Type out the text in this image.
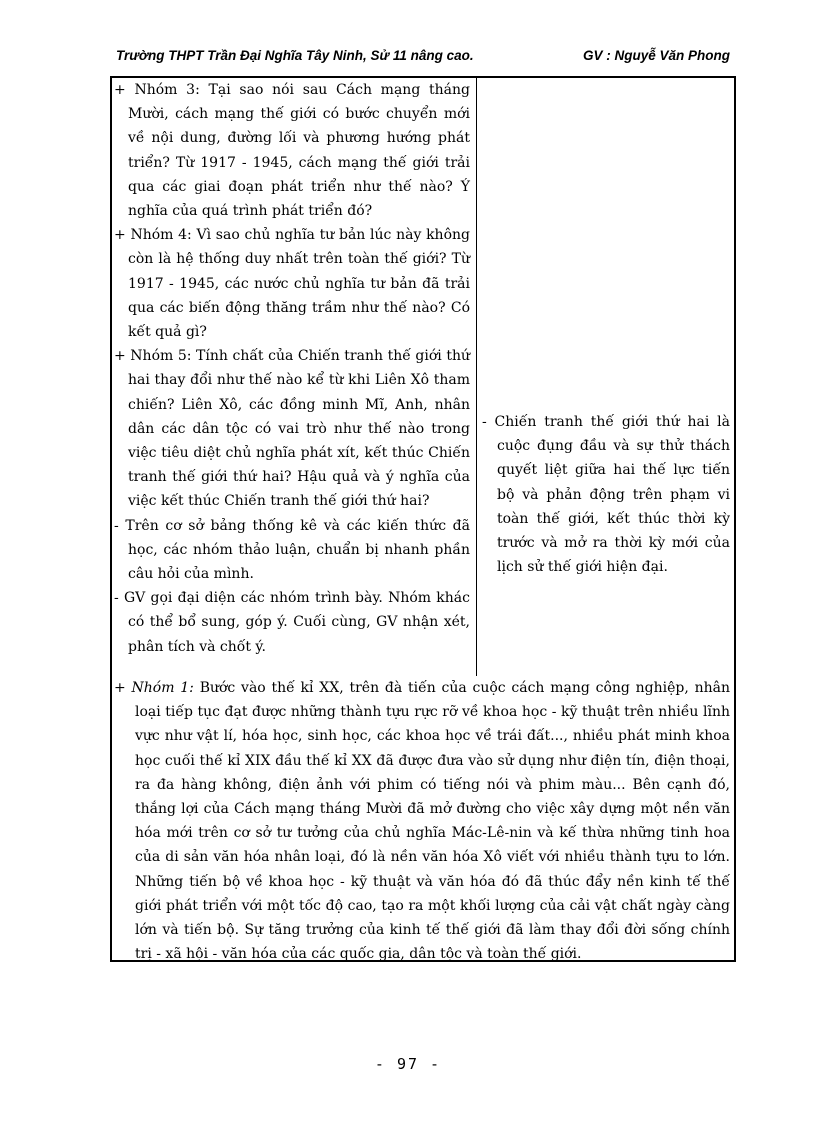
Trường THPT Trần Đại Nghĩa Tây Ninh, Sử 11 nâng cao.	GV : Nguyễ Văn Phong
+ Nhóm 3: Tại sao nói sau Cách mạng tháng Mười, cách mạng thế giới có bước chuyển mới về nội dung, đường lối và phương hướng phát triển? Từ 1917 - 1945, cách mạng thế giới trải qua các giai đoạn phát triển như thế nào? Ý nghĩa của quá trình phát triển đó?
+ Nhóm 4: Vì sao chủ nghĩa tư bản lúc này không còn là hệ thống duy nhất trên toàn thế giới? Từ 1917 - 1945, các nước chủ nghĩa tư bản đã trải qua các biến động thăng trầm như thế nào? Có kết quả gì?
+ Nhóm 5: Tính chất của Chiến tranh thế giới thứ hai thay đổi như thế nào kể từ khi Liên Xô tham chiến? Liên Xô, các đồng minh Mĩ, Anh, nhân dân các dân tộc có vai trò như thế nào trong việc tiêu diệt chủ nghĩa phát xít, kết thúc Chiến tranh thế giới thứ hai? Hậu quả và ý nghĩa của việc kết thúc Chiến tranh thế giới thứ hai?
- Trên cơ sở bảng thống kê và các kiến thức đã học, các nhóm thảo luận, chuẩn bị nhanh phần câu hỏi của mình.
- GV gọi đại diện các nhóm trình bày. Nhóm khác có thể bổ sung, góp ý. Cuối cùng, GV nhận xét, phân tích và chốt ý.
- Chiến tranh thế giới thứ hai là cuộc đụng đầu và sự thử thách quyết liệt giữa hai thế lực tiến bộ và phản động trên phạm vi toàn thế giới, kết thúc thời kỳ trước và mở ra thời kỳ mới của lịch sử thế giới hiện đại.
+ Nhóm 1: Bước vào thế kỉ XX, trên đà tiến của cuộc cách mạng công nghiệp, nhân loại tiếp tục đạt được những thành tựu rực rỡ về khoa học - kỹ thuật trên nhiều lĩnh vực như vật lí, hóa học, sinh học, các khoa học về trái đất..., nhiều phát minh khoa học cuối thế kỉ XIX đầu thế kỉ XX đã được đưa vào sử dụng như điện tín, điện thoại, ra đa hàng không, điện ảnh với phim có tiếng nói và phim màu... Bên cạnh đó, thắng lợi của Cách mạng tháng Mười đã mở đường cho việc xây dựng một nền văn hóa mới trên cơ sở tư tưởng của chủ nghĩa Mác-Lê-nin và kế thừa những tinh hoa của di sản văn hóa nhân loại, đó là nền văn hóa Xô viết với nhiều thành tựu to lớn. Những tiến bộ về khoa học - kỹ thuật và văn hóa đó đã thúc đẩy nền kinh tế thế giới phát triển với một tốc độ cao, tạo ra một khối lượng của cải vật chất ngày càng lớn và tiến bộ. Sự tăng trưởng của kinh tế thế giới đã làm thay đổi đời sống chính trị - xã hội - văn hóa của các quốc gia, dân tộc và toàn thế giới.
- 97 -
